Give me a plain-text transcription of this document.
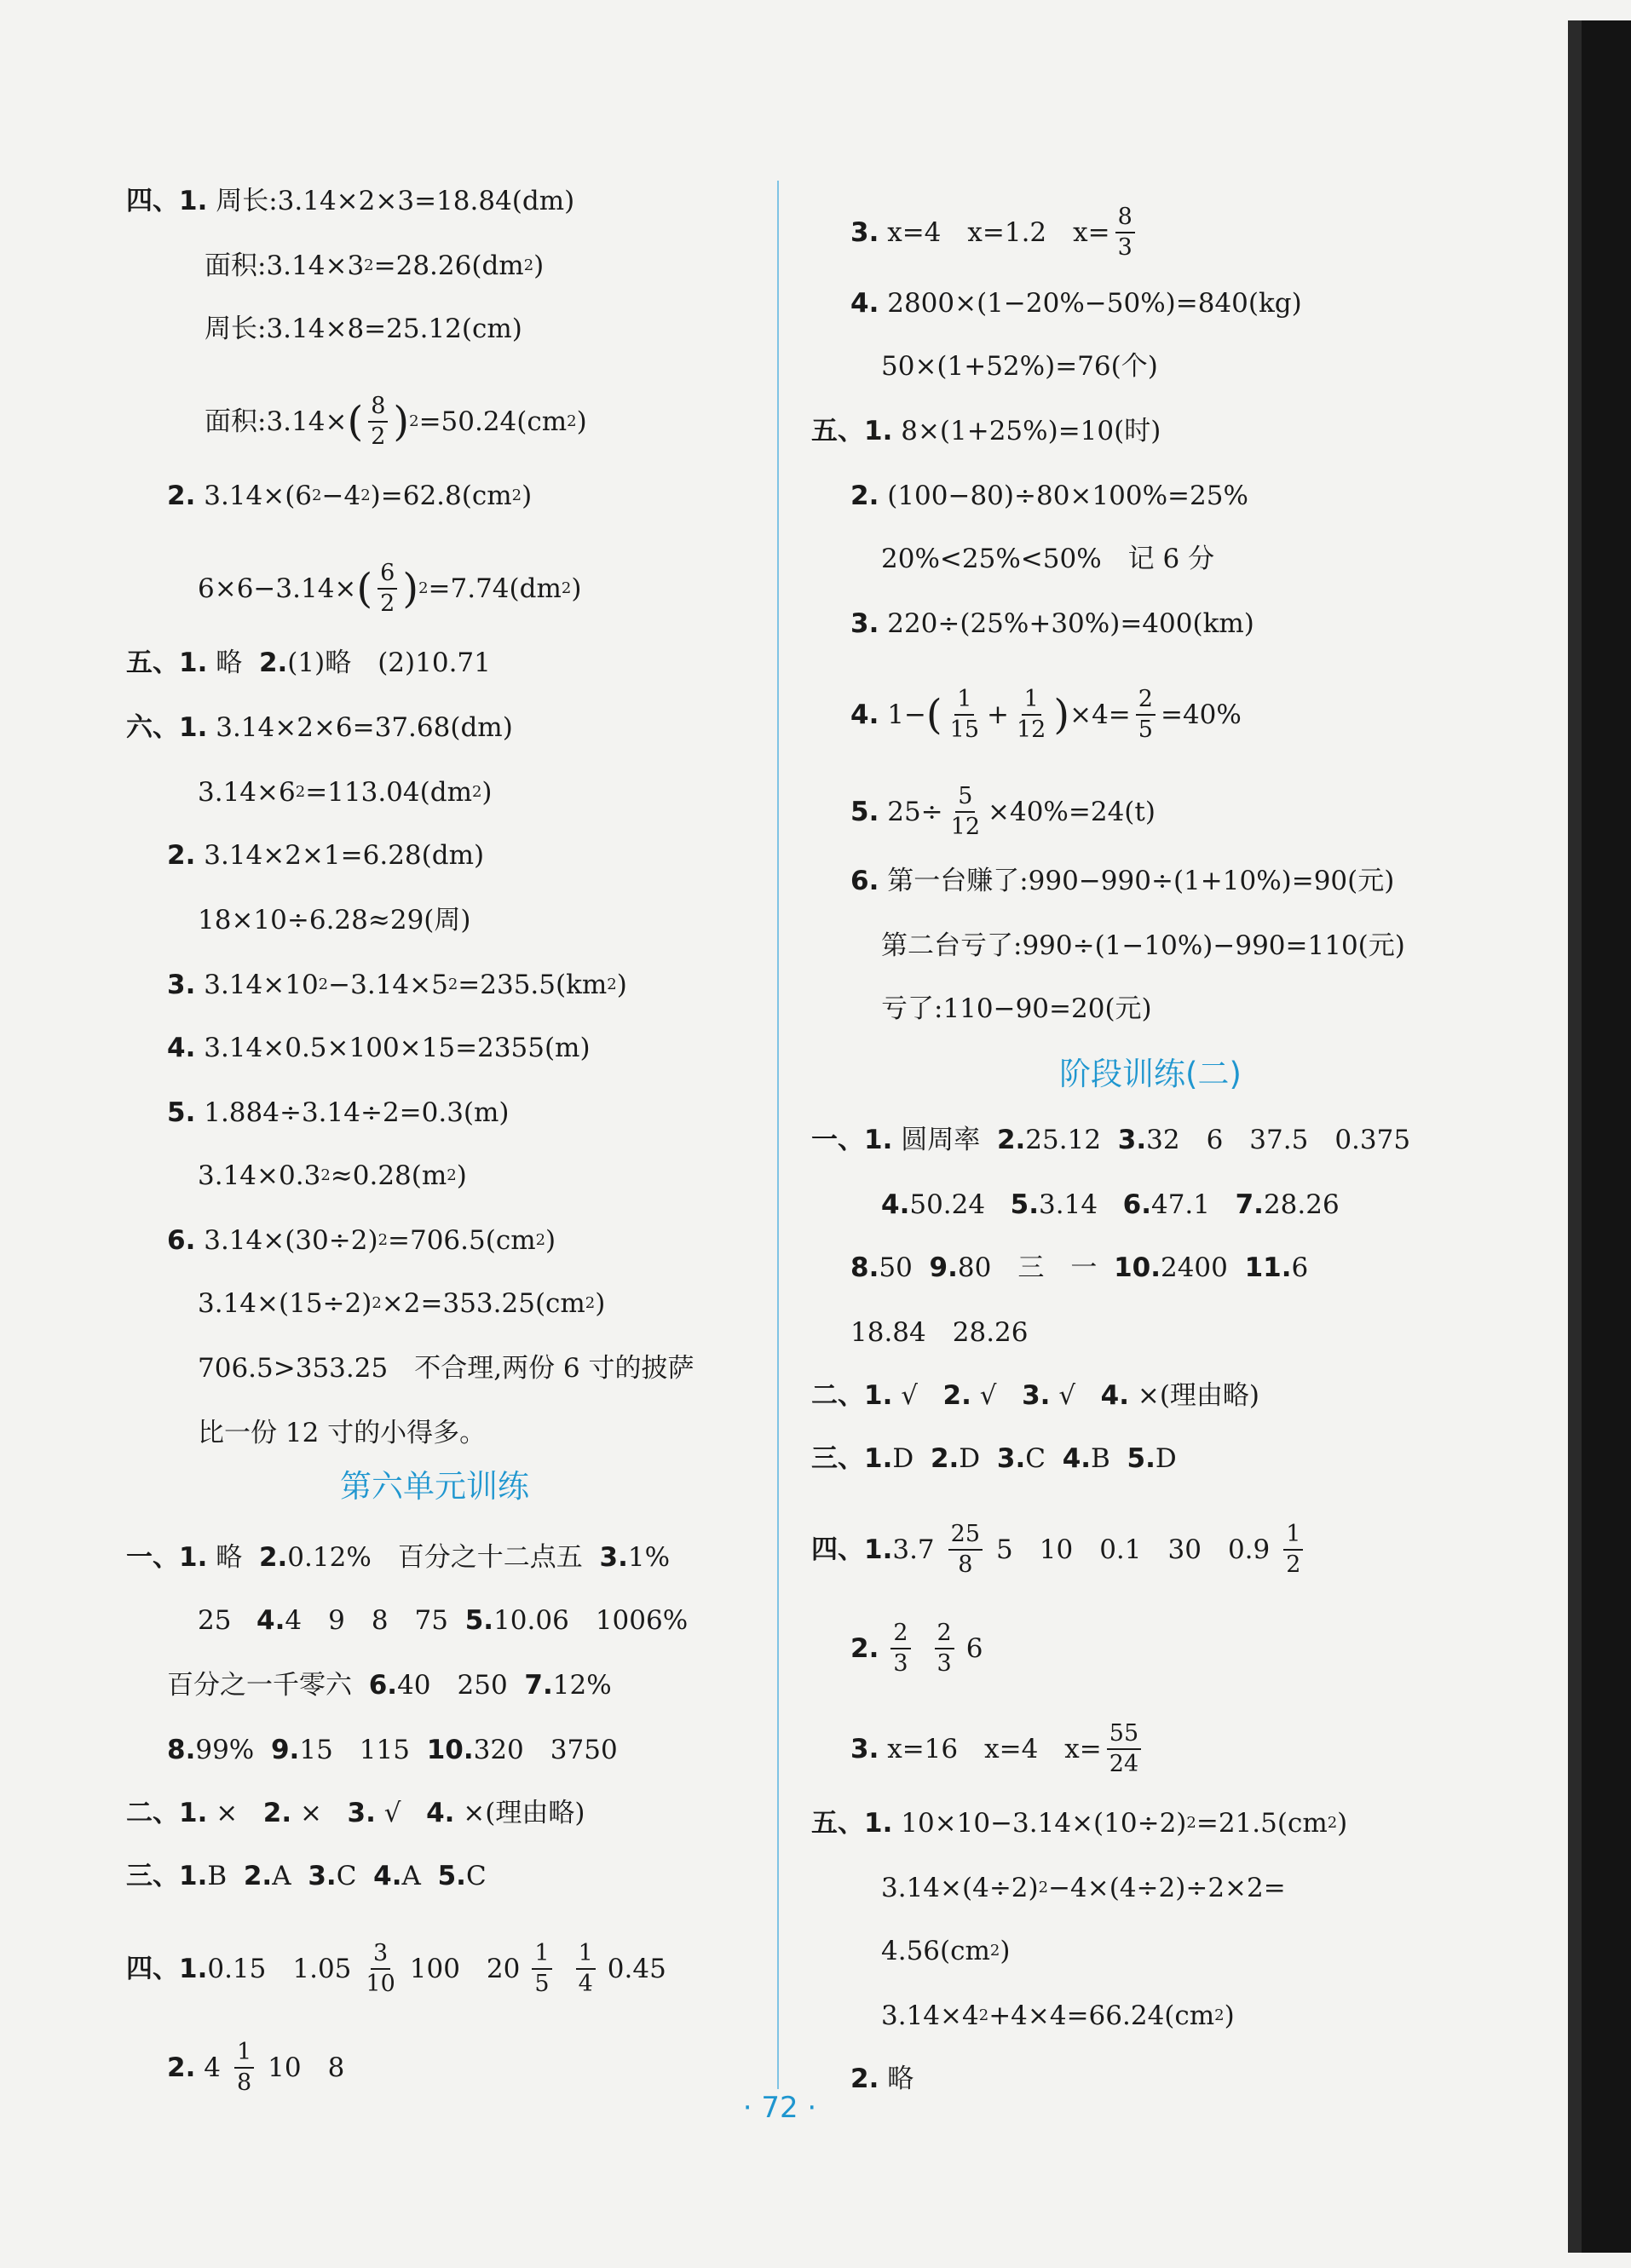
四、1.
周长:3.14×2×3=18.84(dm)
面积:3.14×3 2 =28.26(dm 2 )
周长:3.14×8=25.12(cm)
面积:3.14× ( $\frac{8}{2}$ ) 2 =50.24(cm 2 )
2.
3.14×(6 2 −4 2 )=62.8(cm 2 )
6×6−3.14× ( $\frac{6}{2}$ ) 2 =7.74(dm 2 )
五、1.
略
2. (1)略　(2)10.71
六、1.
3.14×2×6=37.68(dm)
3.14×6 2 =113.04(dm 2 )
2.
3.14×2×1=6.28(dm)
18×10÷6.28≈29(周)
3.
3.14×10 2 −3.14×5 2 =235.5(km 2 )
4.
3.14×0.5×100×15=2355(m)
5.
1.884÷3.14÷2=0.3(m)
3.14×0.3 2 ≈0.28(m 2 )
6.
3.14×(30÷2) 2 =706.5(cm 2 )
3.14×(15÷2) 2 ×2=353.25(cm 2 )
706.5>353.25　不合理,两份 6 寸的披萨
比一份 12 寸的小得多。
第六单元训练
一、1.
略
2. 0.12%　百分之十二点五
3. 1%
25
4. 4　9　8　75
5. 10.06　1006%
百分之一千零六
6. 40　250
7. 12%
8. 99%
9. 15　115
10. 320　3750
二、1.
×
2.
×
3.
√
4.
×(理由略)
三、1. B
2. A
3. C
4. A
5. C
四、1. 0.15　$1.05 \frac{3}{10} 100$　$20 \frac{1}{5} \frac{1}{4} 0.45$
2.
$4 \frac{1}{8} 10$　8
3.
x=4　x=1.2　$x= \frac{8}{3}$
4.
2800×(1−20%−50%)=840(kg)
50×(1+52%)=76(个)
五、1.
8×(1+25%)=10(时)
2.
(100−80)÷80×100%=25%
20%<25%<50%　记 6 分
3.
220÷(25%+30%)=400(km)
4.
1− ( $\frac{1}{15} + \frac{1}{12}$ ) $\times 4= \frac{2}{5} =40\%$
5.
$25\div \frac{5}{12} \times 40\%=24(t)$
6.
第一台赚了:990−990÷(1+10%)=90(元)
第二台亏了:990÷(1−10%)−990=110(元)
亏了:110−90=20(元)
阶段训练(二)
一、1.
圆周率
2. 25.12
3. 32　6　37.5　0.375
4. 50.24
5. 3.14
6. 47.1
7. 28.26
8. 50
9. 80　三　一
10. 2400
11. 6
18.84　28.26
二、1.
√
2.
√
3.
√
4.
×(理由略)
三、1. D
2. D
3. C
4. B
5. D
四、1. $3.7 \frac{25}{8} 5$　10　0.1　30　$0.9 \frac{1}{2}$
2. $\frac{2}{3} \frac{2}{3} 6$
3.
x=16　x=4　$x= \frac{55}{24}$
五、1.
10×10−3.14×(10÷2) 2 =21.5(cm 2 )
3.14×(4÷2) 2 −4×(4÷2)÷2×2=
4.56(cm 2 )
3.14×4 2 +4×4=66.24(cm 2 )
2.
略
· 72 ·
